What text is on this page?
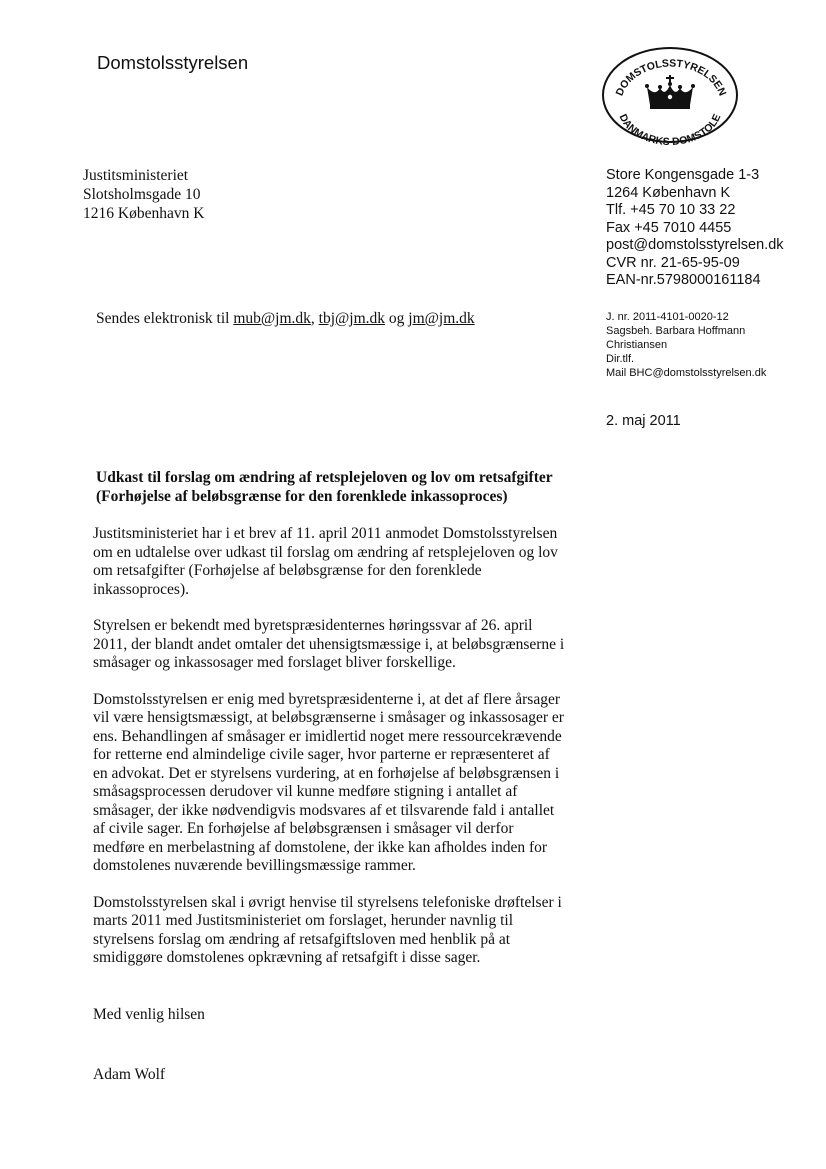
Domstolsstyrelsen
DOMSTOLSSTYRELSEN
DANMARKS DOMSTOLE
Justitsministeriet
Slotsholmsgade 10
1216 København K
Store Kongensgade 1-3
1264 København K
Tlf. +45 70 10 33 22
Fax +45 7010 4455
post@domstolsstyrelsen.dk
CVR nr. 21-65-95-09
EAN-nr.5798000161184
Sendes elektronisk til mub@jm.dk, tbj@jm.dk og jm@jm.dk	J. nr. 2011-4101-0020-12
Sagsbeh. Barbara Hoffmann
Christiansen
Dir.tlf.
Mail BHC@domstolsstyrelsen.dk
2. maj 2011
Udkast til forslag om ændring af retsplejeloven og lov om retsafgifter
(Forhøjelse af beløbsgrænse for den forenklede inkassoproces)
Justitsministeriet har i et brev af 11. april 2011 anmodet Domstolsstyrelsen
om en udtalelse over udkast til forslag om ændring af retsplejeloven og lov
om retsafgifter (Forhøjelse af beløbsgrænse for den forenklede
inkassoproces).
Styrelsen er bekendt med byretspræsidenternes høringssvar af 26. april
2011, der blandt andet omtaler det uhensigtsmæssige i, at beløbsgrænserne i
småsager og inkassosager med forslaget bliver forskellige.
Domstolsstyrelsen er enig med byretspræsidenterne i, at det af flere årsager
vil være hensigtsmæssigt, at beløbsgrænserne i småsager og inkassosager er
ens. Behandlingen af småsager er imidlertid noget mere ressourcekrævende
for retterne end almindelige civile sager, hvor parterne er repræsenteret af
en advokat. Det er styrelsens vurdering, at en forhøjelse af beløbsgrænsen i
småsagsprocessen derudover vil kunne medføre stigning i antallet af
småsager, der ikke nødvendigvis modsvares af et tilsvarende fald i antallet
af civile sager. En forhøjelse af beløbsgrænsen i småsager vil derfor
medføre en merbelastning af domstolene, der ikke kan afholdes inden for
domstolenes nuværende bevillingsmæssige rammer.
Domstolsstyrelsen skal i øvrigt henvise til styrelsens telefoniske drøftelser i
marts 2011 med Justitsministeriet om forslaget, herunder navnlig til
styrelsens forslag om ændring af retsafgiftsloven med henblik på at
smidiggøre domstolenes opkrævning af retsafgift i disse sager.
Med venlig hilsen
Adam Wolf
